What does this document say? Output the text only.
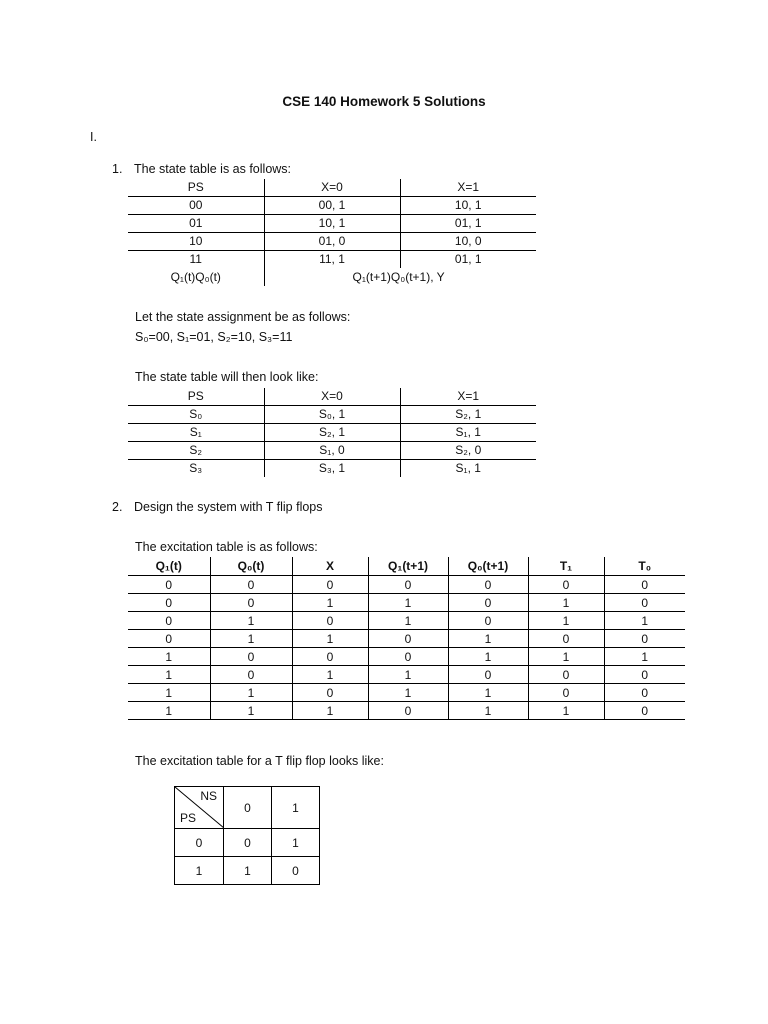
CSE 140 Homework 5 Solutions
I.
1. The state table is as follows:
PS	X=0	X=1
00	00, 1	10, 1
01	10, 1	01, 1
10	01, 0	10, 0
11	11, 1	01, 1
Q₁(t)Q₀(t)	Q₁(t+1)Q₀(t+1), Y	
Let the state assignment be as follows:
S₀=00, S₁=01, S₂=10, S₃=11
The state table will then look like:
PS	X=0	X=1
S₀	S₀, 1	S₂, 1
S₁	S₂, 1	S₁, 1
S₂	S₁, 0	S₂, 0
S₃	S₃, 1	S₁, 1
2. Design the system with T flip flops
The excitation table is as follows:
Q₁(t)	Q₀(t)	X	Q₁(t+1)	Q₀(t+1)	T₁	T₀
0	0	0	0	0	0	0
0	0	1	1	0	1	0
0	1	0	1	0	1	1
0	1	1	0	1	0	0
1	0	0	0	1	1	1
1	0	1	1	0	0	0
1	1	0	1	1	0	0
1	1	1	0	1	1	0
The excitation table for a T flip flop looks like:
NS
PS	0	1
0	0	1
1	1	0
